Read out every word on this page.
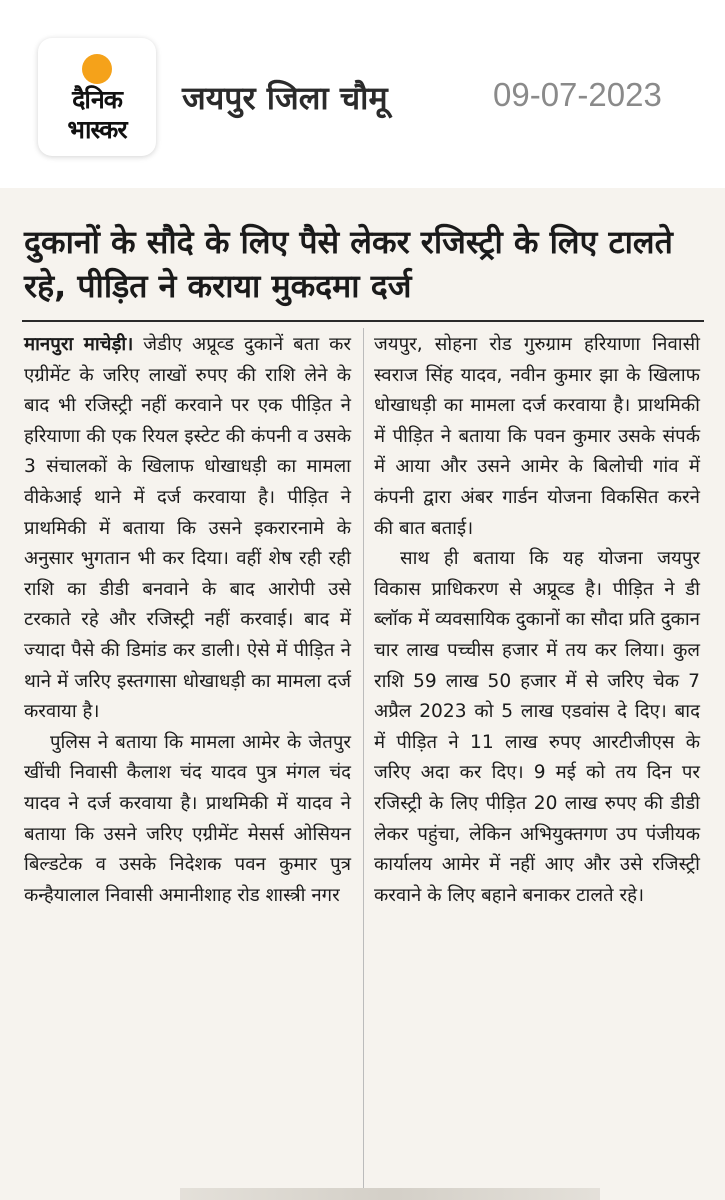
दैनिक
भास्कर
जयपुर जिला चौमू	09-07-2023
दुकानों के सौदे के लिए पैसे लेकर रजिस्ट्री के लिए टालते रहे, पीड़ित ने कराया मुकदमा दर्ज

मानपुरा माचेड़ी। जेडीए अप्रूव्ड दुकानें बता कर एग्रीमेंट के जरिए लाखों रुपए की राशि लेने के बाद भी रजिस्ट्री नहीं करवाने पर एक पीड़ित ने हरियाणा की एक रियल इस्टेट की कंपनी व उसके 3 संचालकों के खिलाफ धोखाधड़ी का मामला वीकेआई थाने में दर्ज करवाया है। पीड़ित ने प्राथमिकी में बताया कि उसने इकरारनामे के अनुसार भुगतान भी कर दिया। वहीं शेष रही रही राशि का डीडी बनवाने के बाद आरोपी उसे टरकाते रहे और रजिस्ट्री नहीं करवाई। बाद में ज्यादा पैसे की डिमांड कर डाली। ऐसे में पीड़ित ने थाने में जरिए इस्तगासा धोखाधड़ी का मामला दर्ज करवाया है।

पुलिस ने बताया कि मामला आमेर के जेतपुर खींची निवासी कैलाश चंद यादव पुत्र मंगल चंद यादव ने दर्ज करवाया है। प्राथमिकी में यादव ने बताया कि उसने जरिए एग्रीमेंट मेसर्स ओसियन बिल्डटेक व उसके निदेशक पवन कुमार पुत्र कन्हैयालाल निवासी अमानीशाह रोड शास्त्री नगर

जयपुर, सोहना रोड गुरुग्राम हरियाणा निवासी स्वराज सिंह यादव, नवीन कुमार झा के खिलाफ धोखाधड़ी का मामला दर्ज करवाया है। प्राथमिकी में पीड़ित ने बताया कि पवन कुमार उसके संपर्क में आया और उसने आमेर के बिलोची गांव में कंपनी द्वारा अंबर गार्डन योजना विकसित करने की बात बताई।

साथ ही बताया कि यह योजना जयपुर विकास प्राधिकरण से अप्रूव्ड है। पीड़ित ने डी ब्लॉक में व्यवसायिक दुकानों का सौदा प्रति दुकान चार लाख पच्चीस हजार में तय कर लिया। कुल राशि 59 लाख 50 हजार में से जरिए चेक 7 अप्रैल 2023 को 5 लाख एडवांस दे दिए। बाद में पीड़ित ने 11 लाख रुपए आरटीजीएस के जरिए अदा कर दिए। 9 मई को तय दिन पर रजिस्ट्री के लिए पीड़ित 20 लाख रुपए की डीडी लेकर पहुंचा, लेकिन अभियुक्तगण उप पंजीयक कार्यालय आमेर में नहीं आए और उसे रजिस्ट्री करवाने के लिए बहाने बनाकर टालते रहे।
